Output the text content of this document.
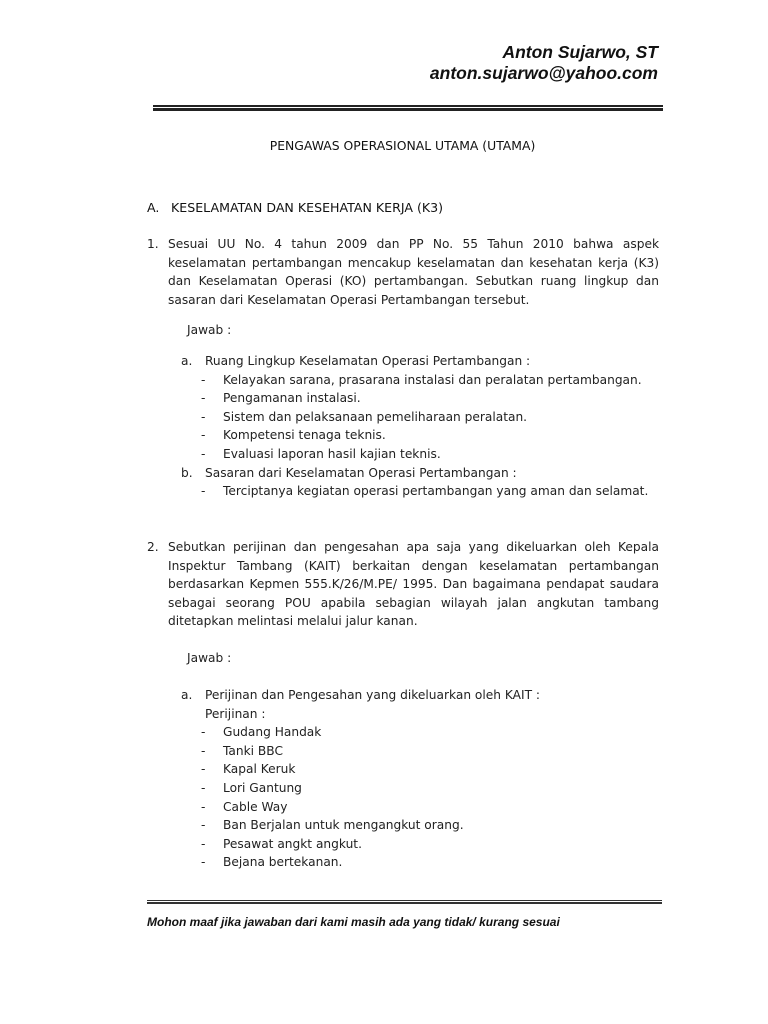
Anton Sujarwo, ST
anton.sujarwo@yahoo.com
PENGAWAS OPERASIONAL UTAMA (UTAMA)
A. KESELAMATAN DAN KESEHATAN KERJA (K3)
1. Sesuai UU No. 4 tahun 2009 dan PP No. 55 Tahun 2010 bahwa aspek keselamatan pertambangan mencakup keselamatan dan kesehatan kerja (K3) dan Keselamatan Operasi (KO) pertambangan. Sebutkan ruang lingkup dan sasaran dari Keselamatan Operasi Pertambangan tersebut.
Jawab :
a. Ruang Lingkup Keselamatan Operasi Pertambangan :
- Kelayakan sarana, prasarana instalasi dan peralatan pertambangan.
- Pengamanan instalasi.
- Sistem dan pelaksanaan pemeliharaan peralatan.
- Kompetensi tenaga teknis.
- Evaluasi laporan hasil kajian teknis.
b. Sasaran dari Keselamatan Operasi Pertambangan :
- Terciptanya kegiatan operasi pertambangan yang aman dan selamat.
2. Sebutkan perijinan dan pengesahan apa saja yang dikeluarkan oleh Kepala Inspektur Tambang (KAIT) berkaitan dengan keselamatan pertambangan berdasarkan Kepmen 555.K/26/M.PE/ 1995. Dan bagaimana pendapat saudara sebagai seorang POU apabila sebagian wilayah jalan angkutan tambang ditetapkan melintasi melalui jalur kanan.
Jawab :
a. Perijinan dan Pengesahan yang dikeluarkan oleh KAIT :
Perijinan :
- Gudang Handak
- Tanki BBC
- Kapal Keruk
- Lori Gantung
- Cable Way
- Ban Berjalan untuk mengangkut orang.
- Pesawat angkt angkut.
- Bejana bertekanan.
Mohon maaf jika jawaban dari kami masih ada yang tidak/ kurang sesuai
